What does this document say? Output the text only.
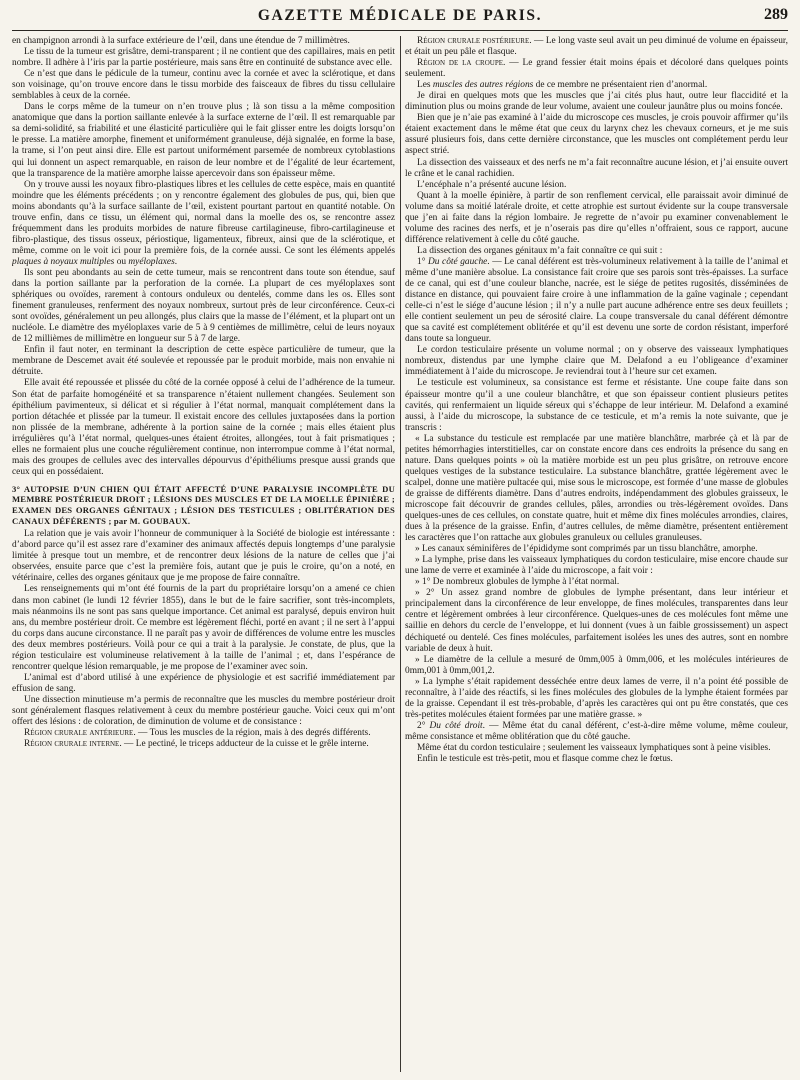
GAZETTE MÉDICALE DE PARIS.	289

en champignon arrondi à la surface extérieure de l’œil, dans une étendue de 7 millimètres.

Le tissu de la tumeur est grisâtre, demi-transparent ; il ne contient que des capillaires, mais en petit nombre. Il adhère à l’iris par la partie postérieure, mais sans être en continuité de substance avec elle.

Ce n’est que dans le pédicule de la tumeur, continu avec la cornée et avec la sclérotique, et dans son voisinage, qu’on trouve encore dans le tissu morbide des faisceaux de fibres du tissu cellulaire semblables à ceux de la cornée.

Dans le corps même de la tumeur on n’en trouve plus ; là son tissu a la même composition anatomique que dans la portion saillante enlevée à la surface externe de l’œil. Il est remarquable par sa demi-solidité, sa friabilité et une élasticité particulière qui le fait glisser entre les doigts lorsqu’on le presse. La matière amorphe, finement et uniformément granuleuse, déjà signalée, en forme la base, la trame, si l’on peut ainsi dire. Elle est partout uniformément parsemée de nombreux cytoblastions qui lui donnent un aspect remarquable, en raison de leur nombre et de l’égalité de leur écartement, que la transparence de la matière amorphe laisse apercevoir dans son épaisseur même.

On y trouve aussi les noyaux fibro-plastiques libres et les cellules de cette espèce, mais en quantité moindre que les éléments précédents ; on y rencontre également des globules de pus, qui, bien que moins abondants qu’à la surface saillante de l’œil, existent pourtant partout en quantité notable. On trouve enfin, dans ce tissu, un élément qui, normal dans la moelle des os, se rencontre assez fréquemment dans les produits morbides de nature fibreuse cartilagineuse, fibro-cartilagineuse et fibro-plastique, des tissus osseux, périostique, ligamenteux, fibreux, ainsi que de la sclérotique, et même, comme on le voit ici pour la première fois, de la cornée aussi. Ce sont les éléments appelés plaques à noyaux multiples ou myéloplaxes.

Ils sont peu abondants au sein de cette tumeur, mais se rencontrent dans toute son étendue, sauf dans la portion saillante par la perforation de la cornée. La plupart de ces myéloplaxes sont sphériques ou ovoïdes, rarement à contours onduleux ou dentelés, comme dans les os. Elles sont finement granuleuses, renferment des noyaux nombreux, surtout près de leur circonférence. Ceux-ci sont ovoïdes, généralement un peu allongés, plus clairs que la masse de l’élément, et la plupart ont un nucléole. Le diamètre des myéloplaxes varie de 5 à 9 centièmes de millimètre, celui de leurs noyaux de 12 millièmes de millimètre en longueur sur 5 à 7 de large.

Enfin il faut noter, en terminant la description de cette espèce particulière de tumeur, que la membrane de Descemet avait été soulevée et repoussée par le produit morbide, mais non envahie ni détruite.

Elle avait été repoussée et plissée du côté de la cornée opposé à celui de l’adhérence de la tumeur. Son état de parfaite homogénéité et sa transparence n’étaient nullement changées. Seulement son épithélium pavimenteux, si délicat et si régulier à l’état normal, manquait complétement dans la portion détachée et plissée par la tumeur. Il existait encore des cellules juxtaposées dans la portion non plissée de la membrane, adhérente à la portion saine de la cornée ; mais elles étaient plus irrégulières qu’à l’état normal, quelques-unes étaient étroites, allongées, tout à fait prismatiques ; elles ne formaient plus une couche régulièrement continue, non interrompue comme à l’état normal, mais des groupes de cellules avec des intervalles dépourvus d’épithéliums presque aussi grands que ceux qui en possédaient.

3° AUTOPSIE D’UN CHIEN QUI ÉTAIT AFFECTÉ D’UNE PARALYSIE INCOMPLÈTE DU MEMBRE POSTÉRIEUR DROIT ; LÉSIONS DES MUSCLES ET DE LA MOELLE ÉPINIÈRE ; EXAMEN DES ORGANES GÉNITAUX ; LÉSION DES TESTICULES ; OBLITÉRATION DES CANAUX DÉFÉRENTS ; par M. GOUBAUX.

La relation que je vais avoir l’honneur de communiquer à la Société de biologie est intéressante : d’abord parce qu’il est assez rare d’examiner des animaux affectés depuis longtemps d’une paralysie limitée à presque tout un membre, et de rencontrer deux lésions de la nature de celles que j’ai observées, ensuite parce que c’est la première fois, autant que je puis le croire, qu’on a noté, en vétérinaire, celles des organes génitaux que je me propose de faire connaître.

Les renseignements qui m’ont été fournis de la part du propriétaire lorsqu’on a amené ce chien dans mon cabinet (le lundi 12 février 1855), dans le but de le faire sacrifier, sont très-incomplets, mais néanmoins ils ne sont pas sans quelque importance. Cet animal est paralysé, depuis environ huit ans, du membre postérieur droit. Ce membre est légèrement fléchi, porté en avant ; il ne sert à l’appui du corps dans aucune circonstance. Il ne paraît pas y avoir de différences de volume entre les muscles des deux membres postérieurs. Voilà pour ce qui a trait à la paralysie. Je constate, de plus, que la région testiculaire est volumineuse relativement à la taille de l’animal ; et, dans l’espérance de rencontrer quelque lésion remarquable, je me propose de l’examiner avec soin.

L’animal est d’abord utilisé à une expérience de physiologie et est sacrifié immédiatement par effusion de sang.

Une dissection minutieuse m’a permis de reconnaître que les muscles du membre postérieur droit sont généralement flasques relativement à ceux du membre postérieur gauche. Voici ceux qui m’ont offert des lésions : de coloration, de diminution de volume et de consistance :

Région crurale antérieure. — Tous les muscles de la région, mais à des degrés différents.

Région crurale interne. — Le pectiné, le triceps adducteur de la cuisse et le grêle interne.

Région crurale postérieure. — Le long vaste seul avait un peu diminué de volume en épaisseur, et était un peu pâle et flasque.

Région de la croupe. — Le grand fessier était moins épais et décoloré dans quelques points seulement.

Les muscles des autres régions de ce membre ne présentaient rien d’anormal.

Je dirai en quelques mots que les muscles que j’ai cités plus haut, outre leur flaccidité et la diminution plus ou moins grande de leur volume, avaient une couleur jaunâtre plus ou moins foncée.

Bien que je n’aie pas examiné à l’aide du microscope ces muscles, je crois pouvoir affirmer qu’ils étaient exactement dans le même état que ceux du larynx chez les chevaux corneurs, et je me suis assuré plusieurs fois, dans cette dernière circonstance, que les muscles ont complétement perdu leur aspect strié.

La dissection des vaisseaux et des nerfs ne m’a fait reconnaître aucune lésion, et j’ai ensuite ouvert le crâne et le canal rachidien.

L’encéphale n’a présenté aucune lésion.

Quant à la moelle épinière, à partir de son renflement cervical, elle paraissait avoir diminué de volume dans sa moitié latérale droite, et cette atrophie est surtout évidente sur la coupe transversale que j’en ai faite dans la région lombaire. Je regrette de n’avoir pu examiner convenablement le volume des racines des nerfs, et je n’oserais pas dire qu’elles n’offraient, sous ce rapport, aucune différence relativement à celle du côté gauche.

La dissection des organes génitaux m’a fait connaître ce qui suit :

1° Du côté gauche. — Le canal déférent est très-volumineux relativement à la taille de l’animal et même d’une manière absolue. La consistance fait croire que ses parois sont très-épaisses. La surface de ce canal, qui est d’une couleur blanche, nacrée, est le siége de petites rugosités, disséminées de distance en distance, qui pouvaient faire croire à une inflammation de la gaîne vaginale ; cependant celle-ci n’est le siége d’aucune lésion ; il n’y a nulle part aucune adhérence entre ses deux feuillets ; elle contient seulement un peu de sérosité claire. La coupe transversale du canal déférent démontre que sa cavité est complétement oblitérée et qu’il est devenu une sorte de cordon résistant, imperforé dans toute sa longueur.

Le cordon testiculaire présente un volume normal ; on y observe des vaisseaux lymphatiques nombreux, distendus par une lymphe claire que M. Delafond a eu l’obligeance d’examiner immédiatement à l’aide du microscope. Je reviendrai tout à l’heure sur cet examen.

Le testicule est volumineux, sa consistance est ferme et résistante. Une coupe faite dans son épaisseur montre qu’il a une couleur blanchâtre, et que son épaisseur contient plusieurs petites cavités, qui renfermaient un liquide séreux qui s’échappe de leur intérieur. M. Delafond a examiné aussi, à l’aide du microscope, la substance de ce testicule, et m’a remis la note suivante, que je transcris :

« La substance du testicule est remplacée par une matière blanchâtre, marbrée çà et là par de petites hémorrhagies interstitielles, car on constate encore dans ces endroits la présence du sang en nature. Dans quelques points » où la matière morbide est un peu plus grisâtre, on retrouve encore quelques vestiges de la substance testiculaire. La substance blanchâtre, grattée légèrement avec le scalpel, donne une matière pultacée qui, mise sous le microscope, est formée d’une masse de globules de graisse de différents diamètre. Dans d’autres endroits, indépendamment des globules graisseux, le microscope fait découvrir de grandes cellules, pâles, arrondies ou très-légèrement ovoïdes. Dans quelques-unes de ces cellules, on constate quatre, huit et même dix fines molécules arrondies, claires, dues à la présence de la graisse. Enfin, d’autres cellules, de même diamètre, présentent entièrement les caractères que l’on rattache aux globules granuleux ou cellules granuleuses.

» Les canaux séminifères de l’épididyme sont comprimés par un tissu blanchâtre, amorphe.

» La lymphe, prise dans les vaisseaux lymphatiques du cordon testiculaire, mise encore chaude sur une lame de verre et examinée à l’aide du microscope, a fait voir :

» 1° De nombreux globules de lymphe à l’état normal.

» 2° Un assez grand nombre de globules de lymphe présentant, dans leur intérieur et principalement dans la circonférence de leur enveloppe, de fines molécules, transparentes dans leur centre et légèrement ombrées à leur circonférence. Quelques-unes de ces molécules font même une saillie en dehors du cercle de l’enveloppe, et lui donnent (vues à un faible grossissement) un aspect déchiqueté ou dentelé. Ces fines molécules, parfaitement isolées les unes des autres, sont en nombre variable de deux à huit.

» Le diamètre de la cellule a mesuré de 0mm,005 à 0mm,006, et les molécules intérieures de 0mm,001 à 0mm,001,2.

» La lymphe s’était rapidement desséchée entre deux lames de verre, il n’a point été possible de reconnaître, à l’aide des réactifs, si les fines molécules des globules de la lymphe étaient formées par de la graisse. Cependant il est très-probable, d’après les caractères qui ont pu être constatés, que ces très-petites molécules étaient formées par une matière grasse. »

2° Du côté droit. — Même état du canal déférent, c’est-à-dire même volume, même couleur, même consistance et même oblitération que du côté gauche.

Même état du cordon testiculaire ; seulement les vaisseaux lymphatiques sont à peine visibles.

Enfin le testicule est très-petit, mou et flasque comme chez le fœtus.
